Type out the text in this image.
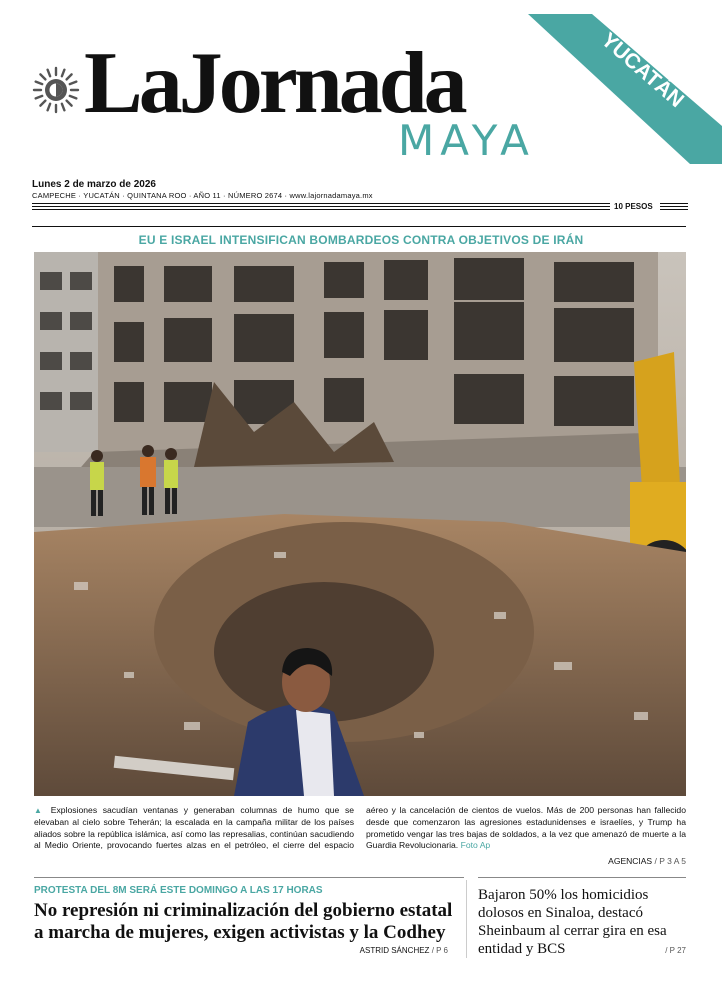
LaJornada
MAYA
YUCATÁN
Lunes 2 de marzo de 2026
CAMPECHE · YUCATÁN · QUINTANA ROO · AÑO 11 · NÚMERO 2674 · www.lajornadamaya.mx
10 PESOS
EU E ISRAEL INTENSIFICAN BOMBARDEOS CONTRA OBJETIVOS DE IRÁN
▲ Explosiones sacudían ventanas y generaban columnas de humo que se elevaban al cielo sobre Teherán; la escalada en la campaña militar de los países aliados sobre la república islámica, así como las represalias, continúan sacudiendo al Medio Oriente, provocando fuertes alzas en el petróleo, el cierre del espacio aéreo y la cancelación de cientos de vuelos. Más de 200 personas han fallecido desde que comenzaron las agresiones estadunidenses e israelíes, y Trump ha prometido vengar las tres bajas de soldados, a la vez que amenazó de muerte a la Guardia Revolucionaria. Foto Ap
AGENCIAS / P 3 A 5
PROTESTA DEL 8M SERÁ ESTE DOMINGO A LAS 17 HORAS
No represión ni criminalización del gobierno estatal a marcha de mujeres, exigen activistas y la Codhey
ASTRID SÁNCHEZ / P 6
Bajaron 50% los homicidios dolosos en Sinaloa, destacó Sheinbaum al cerrar gira en esa entidad y BCS	/ P 27
